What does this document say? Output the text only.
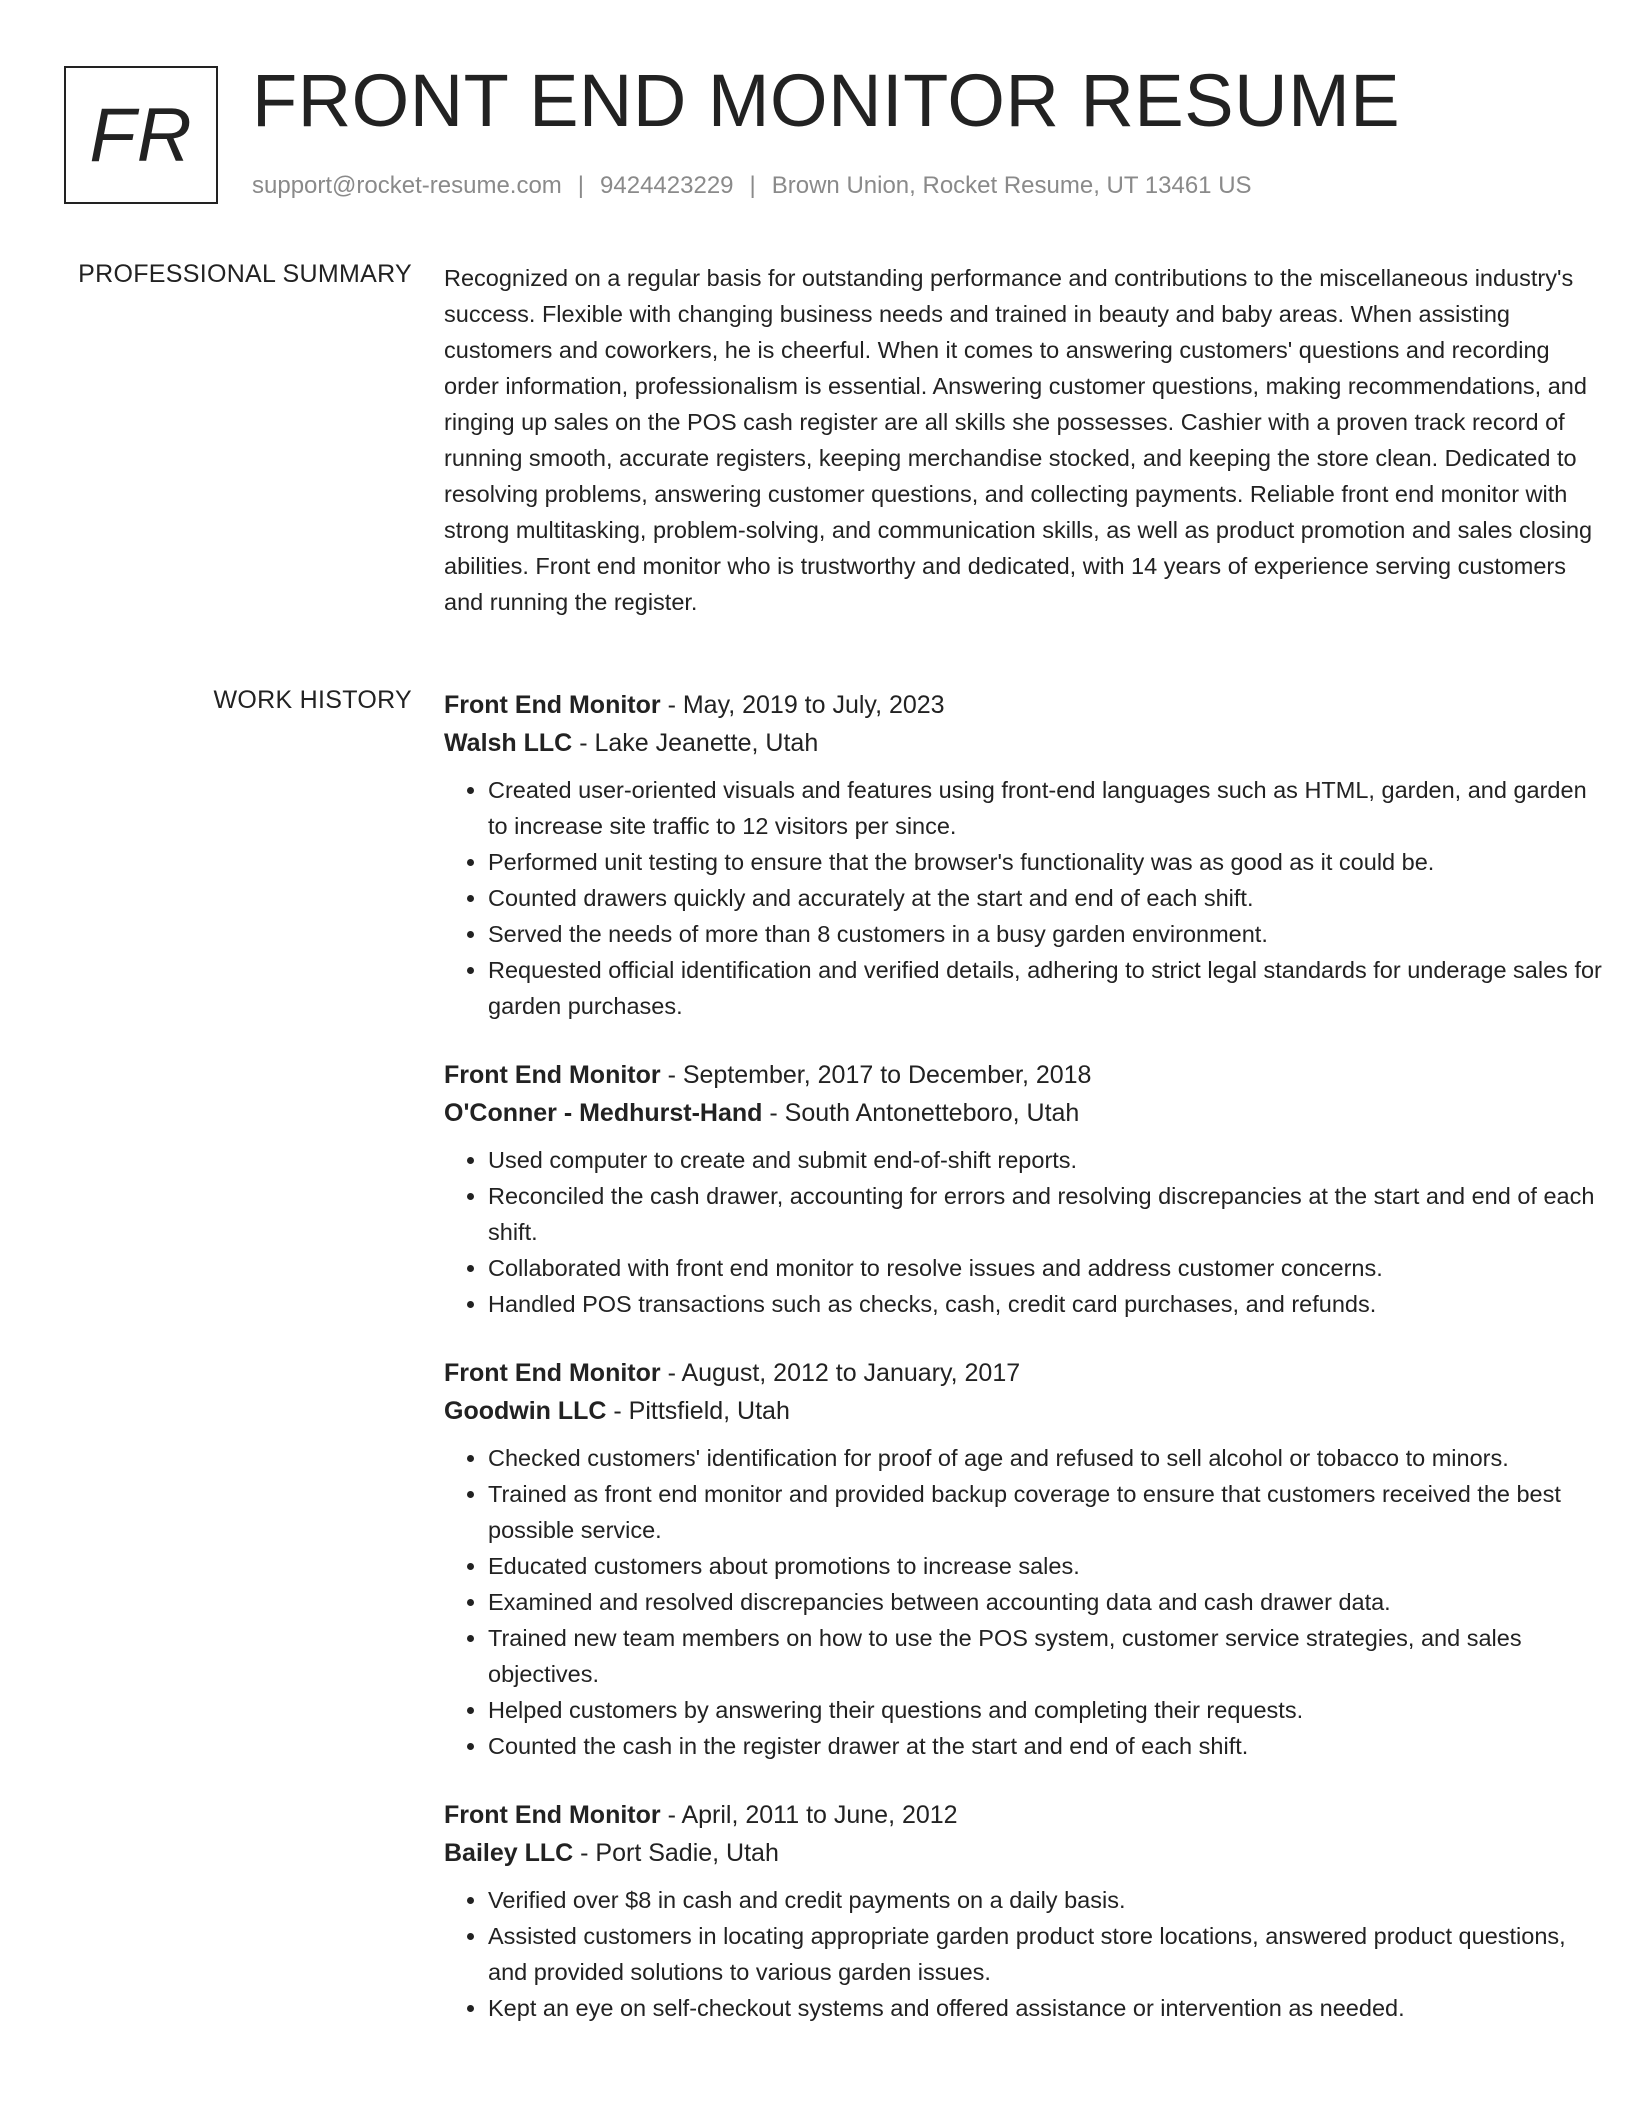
FR FRONT END MONITOR RESUME
support@rocket-resume.com | 9424423229 | Brown Union, Rocket Resume, UT 13461 US
PROFESSIONAL SUMMARY Recognized on a regular basis for outstanding performance and contributions to the miscellaneous industry's success. Flexible with changing business needs and trained in beauty and baby areas. When assisting customers and coworkers, he is cheerful. When it comes to answering customers' questions and recording order information, professionalism is essential. Answering customer questions, making recommendations, and ringing up sales on the POS cash register are all skills she possesses. Cashier with a proven track record of running smooth, accurate registers, keeping merchandise stocked, and keeping the store clean. Dedicated to resolving problems, answering customer questions, and collecting payments. Reliable front end monitor with strong multitasking, problem-solving, and communication skills, as well as product promotion and sales closing abilities. Front end monitor who is trustworthy and dedicated, with 14 years of experience serving customers and running the register.

WORK HISTORY Front End Monitor - May, 2019 to July, 2023
Walsh LLC - Lake Jeanette, Utah
• Created user-oriented visuals and features using front-end languages such as HTML, garden, and garden to increase site traffic to 12 visitors per since.
• Performed unit testing to ensure that the browser's functionality was as good as it could be.
• Counted drawers quickly and accurately at the start and end of each shift.
• Served the needs of more than 8 customers in a busy garden environment.
• Requested official identification and verified details, adhering to strict legal standards for underage sales for garden purchases.
Front End Monitor - September, 2017 to December, 2018
O'Conner - Medhurst-Hand - South Antonetteboro, Utah
• Used computer to create and submit end-of-shift reports.
• Reconciled the cash drawer, accounting for errors and resolving discrepancies at the start and end of each shift.
• Collaborated with front end monitor to resolve issues and address customer concerns.
• Handled POS transactions such as checks, cash, credit card purchases, and refunds.
Front End Monitor - August, 2012 to January, 2017
Goodwin LLC - Pittsfield, Utah
• Checked customers' identification for proof of age and refused to sell alcohol or tobacco to minors.
• Trained as front end monitor and provided backup coverage to ensure that customers received the best possible service.
• Educated customers about promotions to increase sales.
• Examined and resolved discrepancies between accounting data and cash drawer data.
• Trained new team members on how to use the POS system, customer service strategies, and sales objectives.
• Helped customers by answering their questions and completing their requests.
• Counted the cash in the register drawer at the start and end of each shift.
Front End Monitor - April, 2011 to June, 2012
Bailey LLC - Port Sadie, Utah
• Verified over $8 in cash and credit payments on a daily basis.
• Assisted customers in locating appropriate garden product store locations, answered product questions, and provided solutions to various garden issues.
• Kept an eye on self-checkout systems and offered assistance or intervention as needed.
